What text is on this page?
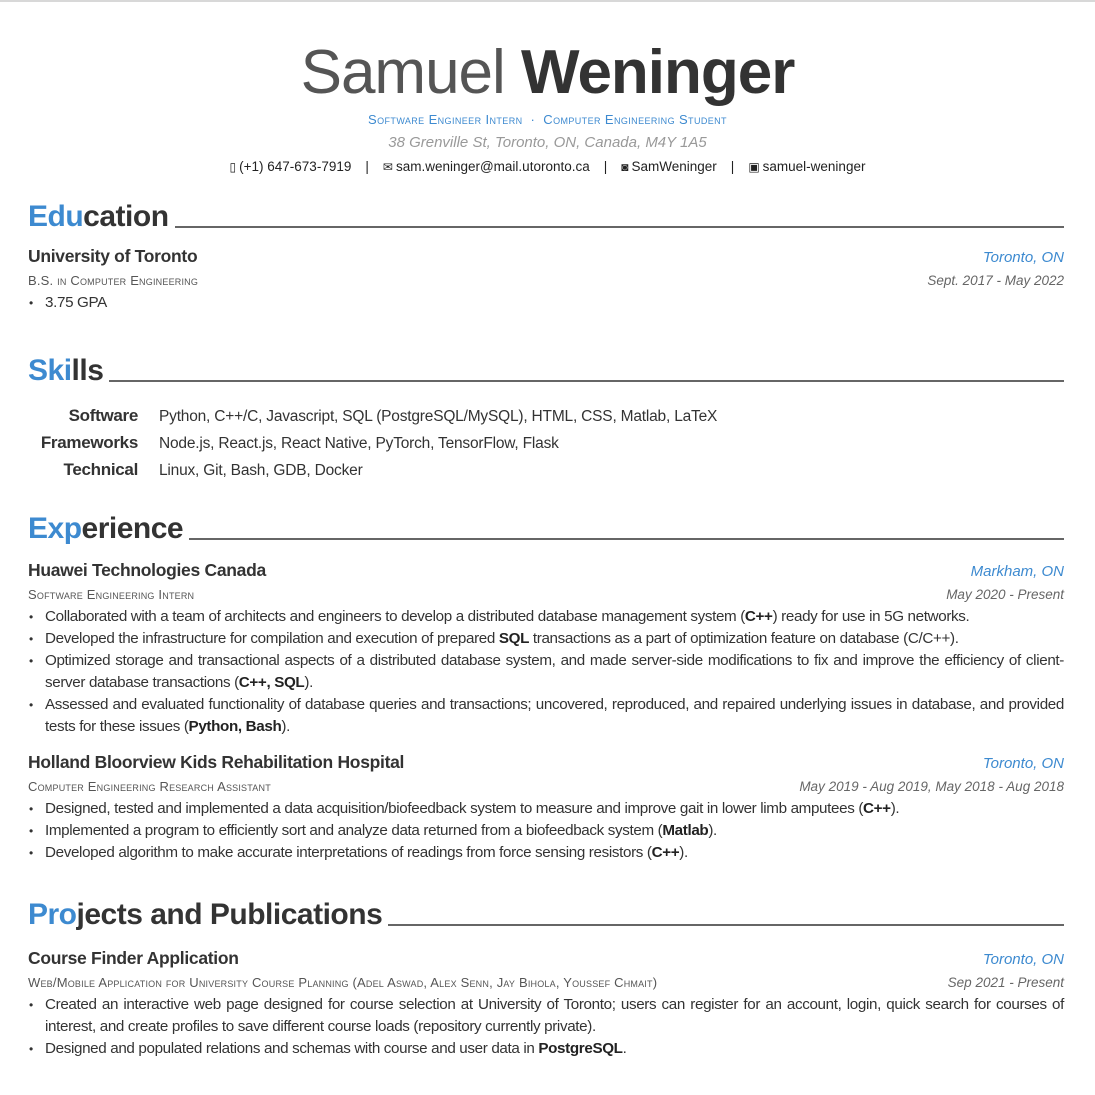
Samuel Weninger
Software Engineer Intern · Computer Engineering Student
38 Grenville St, Toronto, ON, Canada, M4Y 1A5
▯ (+1) 647-673-7919 | ✉ sam.weninger@mail.utoronto.ca | ◙ SamWeninger | ▣ samuel-weninger
Edu cation
University of Toronto	Toronto, ON
B.S. in Computer Engineering	Sept. 2017 - May 2022
• 3.75 GPA
Ski lls
Software Python, C++/C, Javascript, SQL (PostgreSQL/MySQL), HTML, CSS, Matlab, LaTeX
Frameworks Node.js, React.js, React Native, PyTorch, TensorFlow, Flask
Technical Linux, Git, Bash, GDB, Docker
Exp erience
Huawei Technologies Canada	Markham, ON
Software Engineering Intern	May 2020 - Present
• Collaborated with a team of architects and engineers to develop a distributed database management system (C++) ready for use in 5G networks.
• Developed the infrastructure for compilation and execution of prepared SQL transactions as a part of optimization feature on database (C/C++).
• Optimized storage and transactional aspects of a distributed database system, and made server-side modifications to fix and improve the efficiency of client-server database transactions (C++, SQL).
• Assessed and evaluated functionality of database queries and transactions; uncovered, reproduced, and repaired underlying issues in database, and provided tests for these issues (Python, Bash).
Holland Bloorview Kids Rehabilitation Hospital	Toronto, ON
Computer Engineering Research Assistant	May 2019 - Aug 2019, May 2018 - Aug 2018
• Designed, tested and implemented a data acquisition/biofeedback system to measure and improve gait in lower limb amputees (C++).
• Implemented a program to efficiently sort and analyze data returned from a biofeedback system (Matlab).
• Developed algorithm to make accurate interpretations of readings from force sensing resistors (C++).
Pro jects and Publications
Course Finder Application	Toronto, ON
Web/Mobile Application for University Course Planning (Adel Aswad, Alex Senn, Jay Bihola, Youssef Chmait)	Sep 2021 - Present
• Created an interactive web page designed for course selection at University of Toronto; users can register for an account, login, quick search for courses of interest, and create profiles to save different course loads (repository currently private).
• Designed and populated relations and schemas with course and user data in PostgreSQL.
